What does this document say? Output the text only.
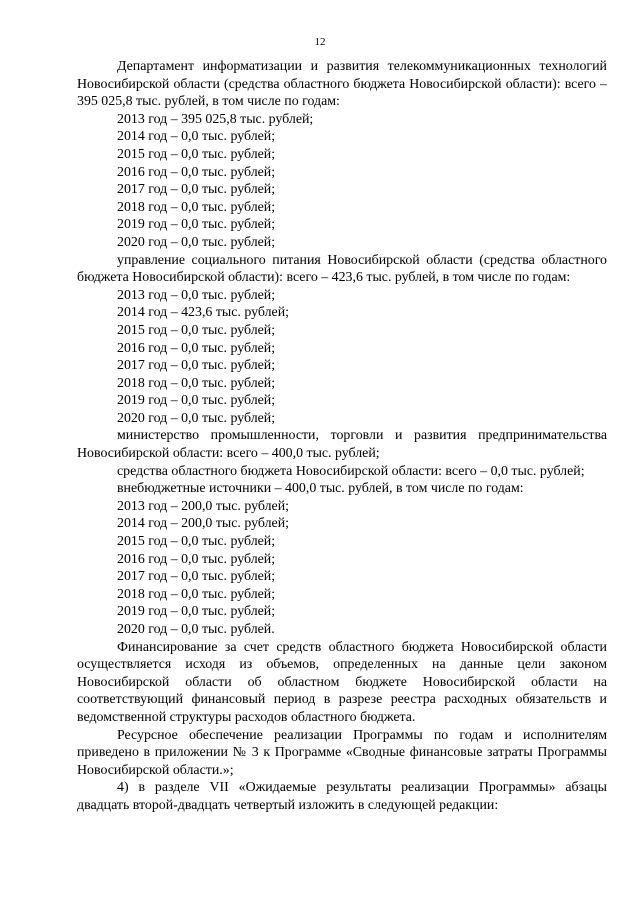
12

Департамент информатизации и развития телекоммуникационных технологий Новосибирской области (средства областного бюджета Новосибирской области): всего – 395 025,8 тыс. рублей, в том числе по годам:

2013 год – 395 025,8 тыс. рублей;

2014 год – 0,0 тыс. рублей;

2015 год – 0,0 тыс. рублей;

2016 год – 0,0 тыс. рублей;

2017 год – 0,0 тыс. рублей;

2018 год – 0,0 тыс. рублей;

2019 год – 0,0 тыс. рублей;

2020 год – 0,0 тыс. рублей;

управление социального питания Новосибирской области (средства областного бюджета Новосибирской области): всего – 423,6 тыс. рублей, в том числе по годам:

2013 год – 0,0 тыс. рублей;

2014 год – 423,6 тыс. рублей;

2015 год – 0,0 тыс. рублей;

2016 год – 0,0 тыс. рублей;

2017 год – 0,0 тыс. рублей;

2018 год – 0,0 тыс. рублей;

2019 год – 0,0 тыс. рублей;

2020 год – 0,0 тыс. рублей;

министерство промышленности, торговли и развития предпринимательства Новосибирской области: всего – 400,0 тыс. рублей;

средства областного бюджета Новосибирской области: всего – 0,0 тыс. рублей;

внебюджетные источники – 400,0 тыс. рублей, в том числе по годам:

2013 год – 200,0 тыс. рублей;

2014 год – 200,0 тыс. рублей;

2015 год – 0,0 тыс. рублей;

2016 год – 0,0 тыс. рублей;

2017 год – 0,0 тыс. рублей;

2018 год – 0,0 тыс. рублей;

2019 год – 0,0 тыс. рублей;

2020 год – 0,0 тыс. рублей.

Финансирование за счет средств областного бюджета Новосибирской области осуществляется исходя из объемов, определенных на данные цели законом Новосибирской области об областном бюджете Новосибирской области на соответствующий финансовый период в разрезе реестра расходных обязательств и ведомственной структуры расходов областного бюджета.

Ресурсное обеспечение реализации Программы по годам и исполнителям приведено в приложении № 3 к Программе «Сводные финансовые затраты Программы Новосибирской области.»;

4) в разделе VII «Ожидаемые результаты реализации Программы» абзацы двадцать второй-двадцать четвертый изложить в следующей редакции:
